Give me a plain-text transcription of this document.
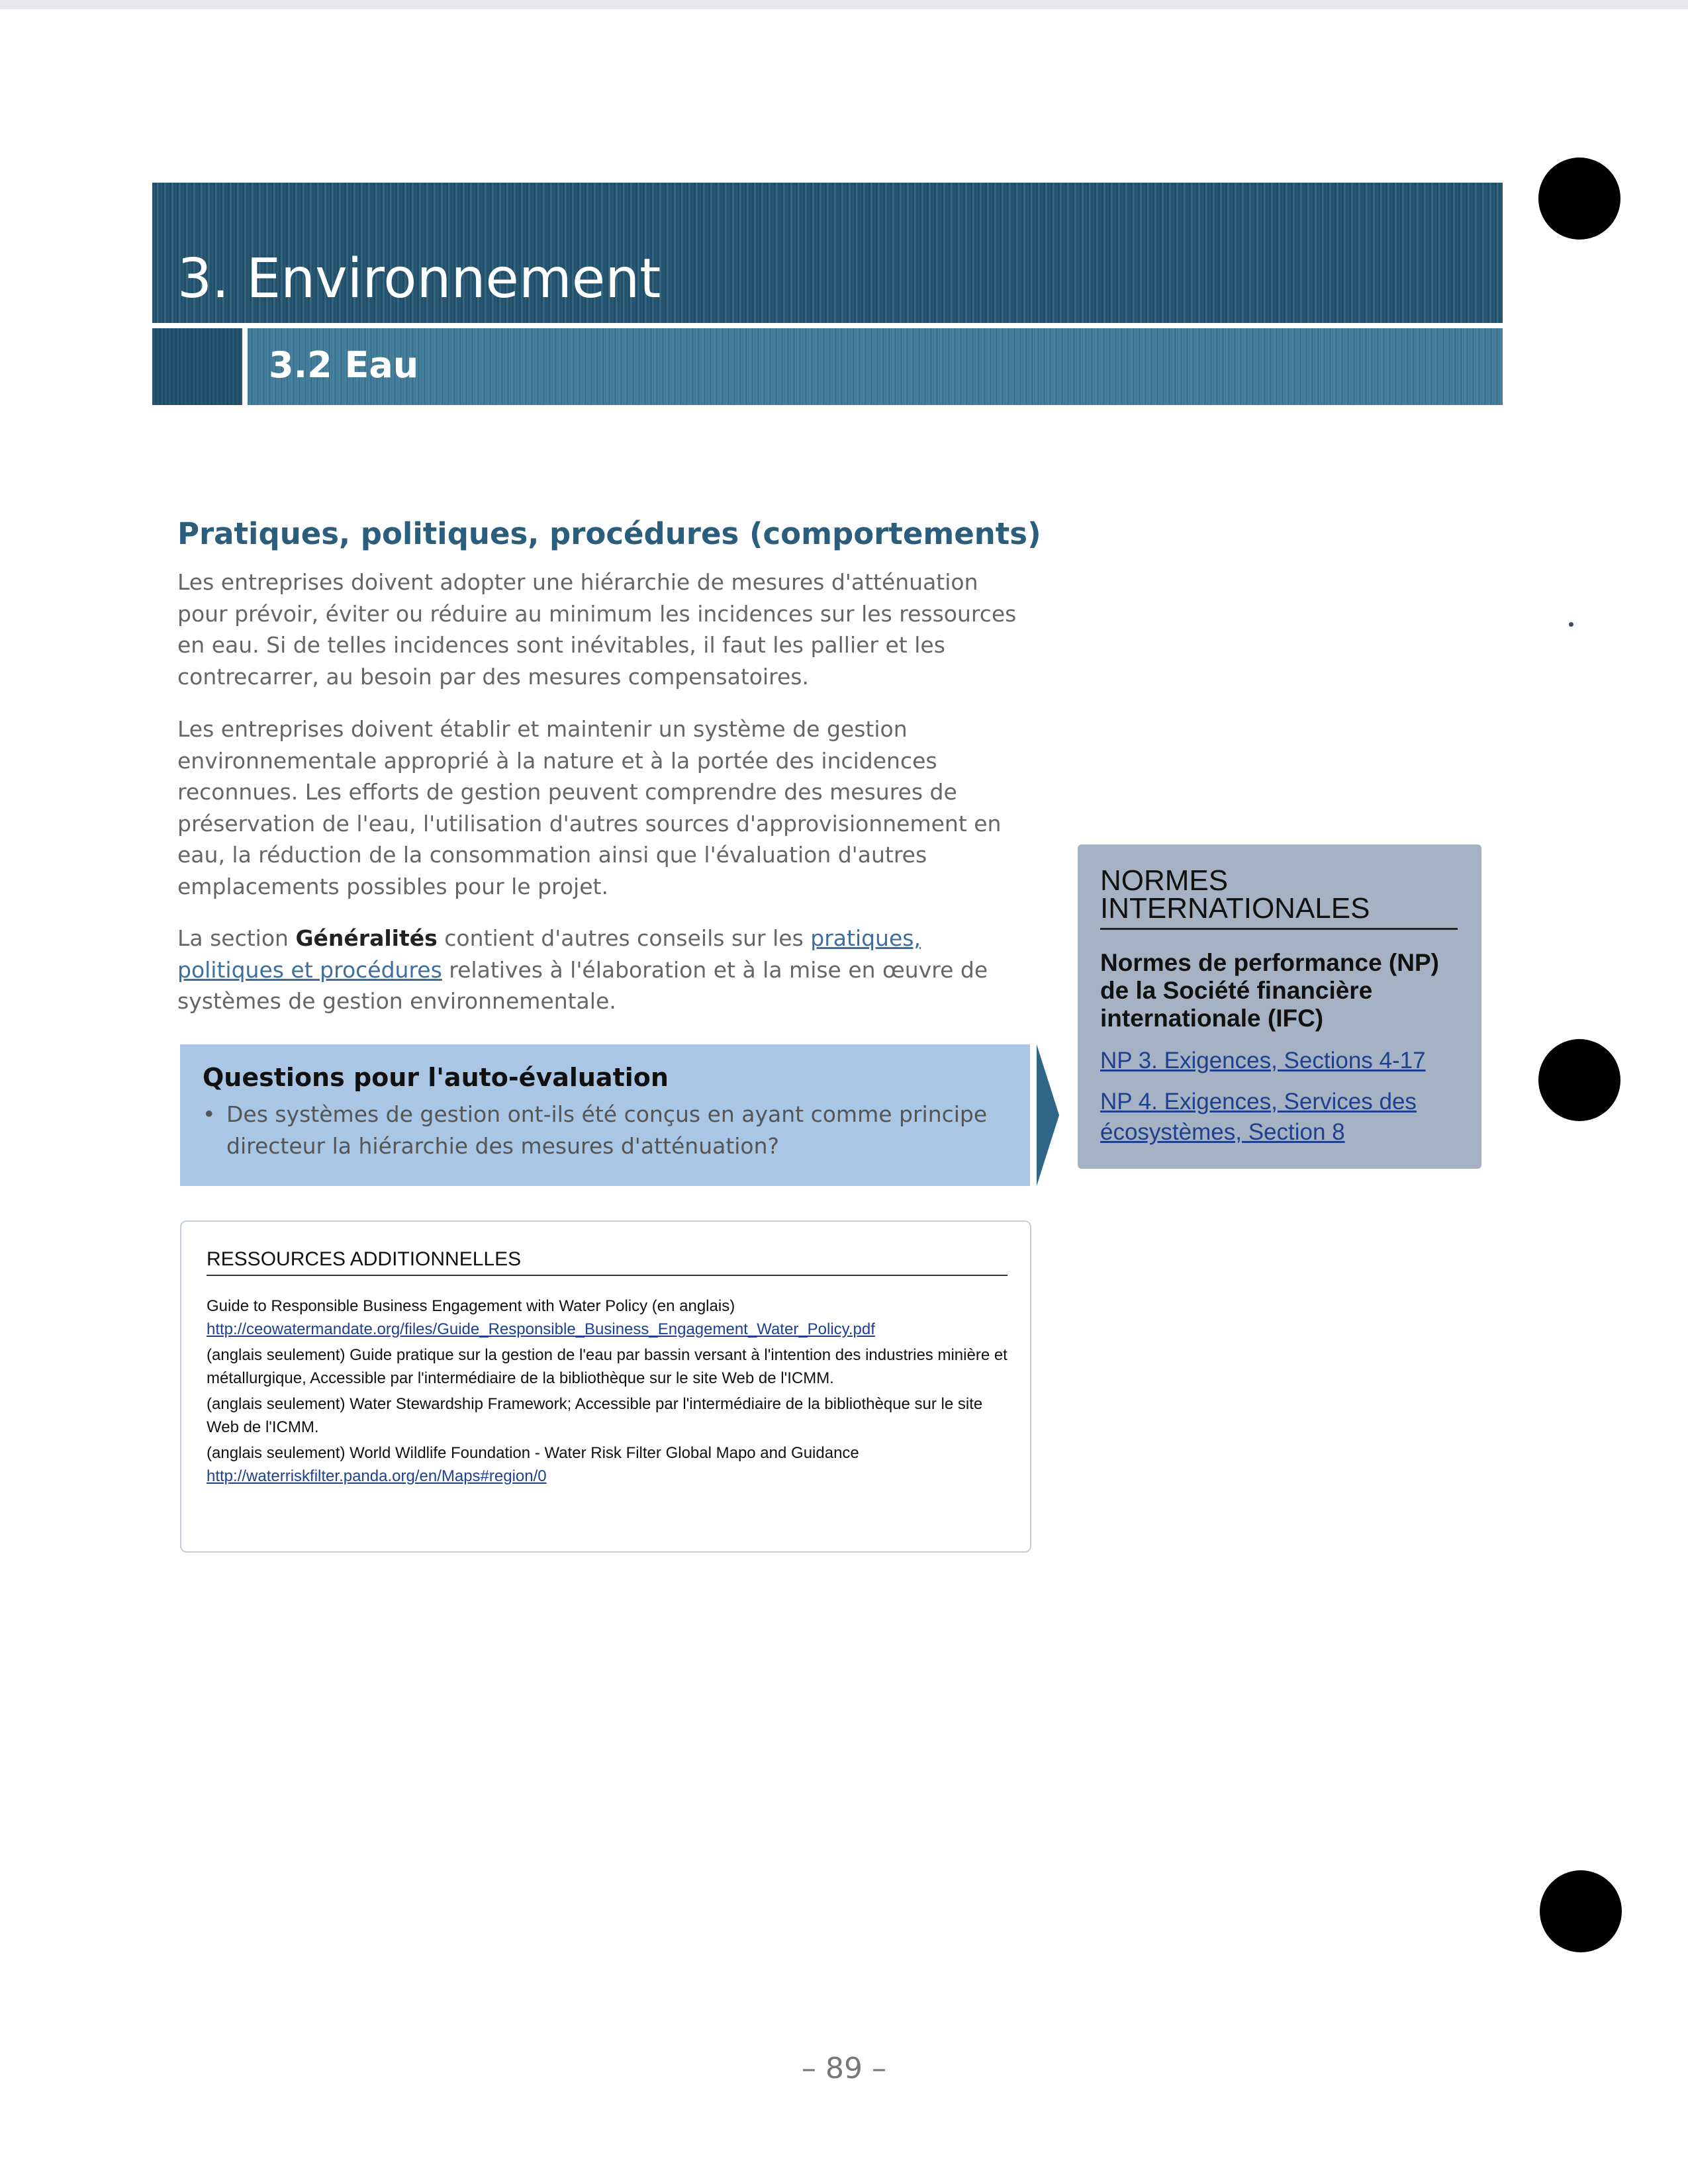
3. Environnement
3.2 Eau
Pratiques, politiques, procédures (comportements)

Les entreprises doivent adopter une hiérarchie de mesures d'atténuation pour prévoir, éviter ou réduire au minimum les incidences sur les ressources en eau. Si de telles incidences sont inévitables, il faut les pallier et les contrecarrer, au besoin par des mesures compensatoires.

Les entreprises doivent établir et maintenir un système de gestion environnementale approprié à la nature et à la portée des incidences reconnues. Les efforts de gestion peuvent comprendre des mesures de préservation de l'eau, l'utilisation d'autres sources d'approvisionnement en eau, la réduction de la consommation ainsi que l'évaluation d'autres emplacements possibles pour le projet.

La section Généralités contient d'autres conseils sur les pratiques, politiques et procédures relatives à l'élaboration et à la mise en œuvre de systèmes de gestion environnementale.

Questions pour l'auto-évaluation
• Des systèmes de gestion ont-ils été conçus en ayant comme principe directeur la hiérarchie des mesures d'atténuation?
RESSOURCES ADDITIONNELLES
Guide to Responsible Business Engagement with Water Policy (en anglais)
http://ceowatermandate.org/files/Guide_Responsible_Business_Engagement_Water_Policy.pdf
(anglais seulement) Guide pratique sur la gestion de l'eau par bassin versant à l'intention des industries minière et métallurgique, Accessible par l'intermédiaire de la bibliothèque sur le site Web de l'ICMM.
(anglais seulement) Water Stewardship Framework; Accessible par l'intermédiaire de la bibliothèque sur le site Web de l'ICMM.
(anglais seulement) World Wildlife Foundation - Water Risk Filter Global Mapo and Guidance
http://waterriskfilter.panda.org/en/Maps#region/0
NORMES INTERNATIONALES
Normes de performance (NP) de la Société financière internationale (IFC)
NP 3. Exigences, Sections 4-17
NP 4. Exigences, Services des écosystèmes, Section 8
– 89 –
